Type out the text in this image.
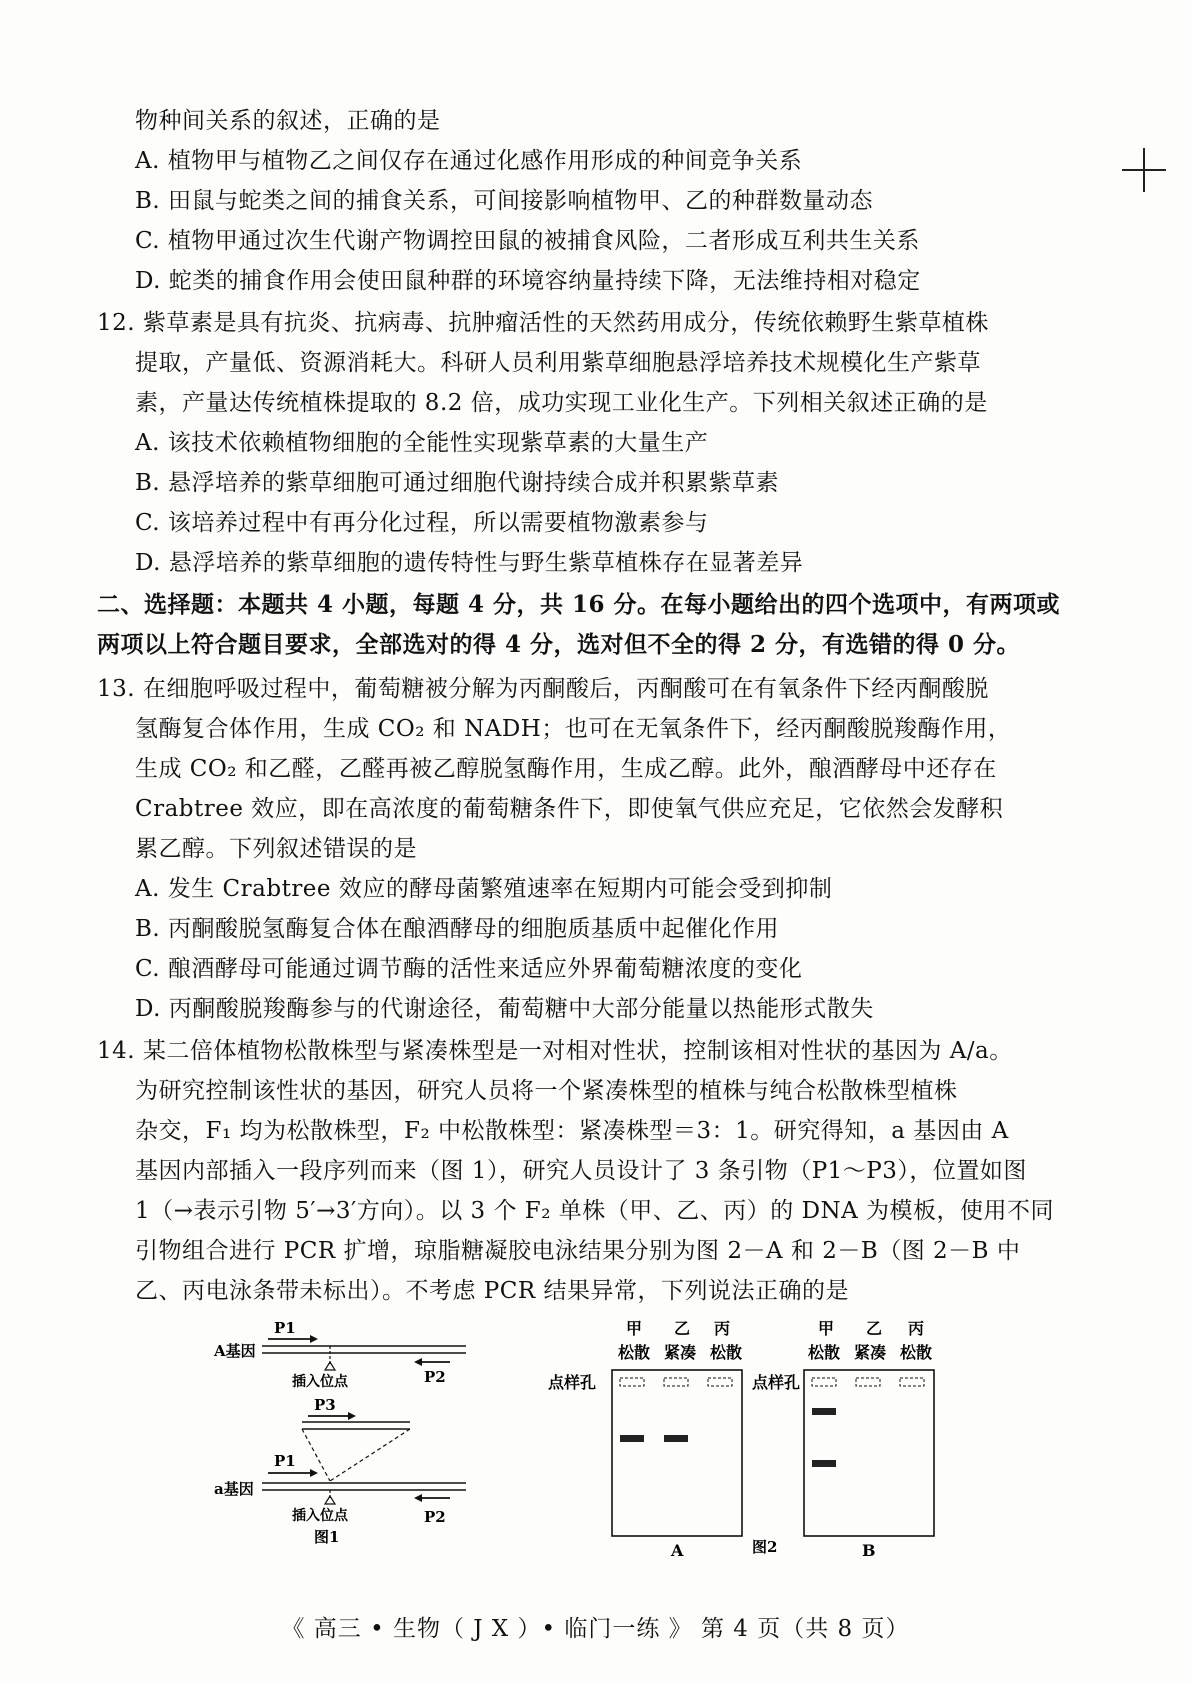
物种间关系的叙述，正确的是
A. 植物甲与植物乙之间仅存在通过化感作用形成的种间竞争关系
B. 田鼠与蛇类之间的捕食关系，可间接影响植物甲、乙的种群数量动态
C. 植物甲通过次生代谢产物调控田鼠的被捕食风险，二者形成互利共生关系
D. 蛇类的捕食作用会使田鼠种群的环境容纳量持续下降，无法维持相对稳定
12. 紫草素是具有抗炎、抗病毒、抗肿瘤活性的天然药用成分，传统依赖野生紫草植株
提取，产量低、资源消耗大。科研人员利用紫草细胞悬浮培养技术规模化生产紫草
素，产量达传统植株提取的 8.2 倍，成功实现工业化生产。下列相关叙述正确的是
A. 该技术依赖植物细胞的全能性实现紫草素的大量生产
B. 悬浮培养的紫草细胞可通过细胞代谢持续合成并积累紫草素
C. 该培养过程中有再分化过程，所以需要植物激素参与
D. 悬浮培养的紫草细胞的遗传特性与野生紫草植株存在显著差异
二、选择题：本题共 4 小题，每题 4 分，共 16 分。在每小题给出的四个选项中，有两项或
两项以上符合题目要求，全部选对的得 4 分，选对但不全的得 2 分，有选错的得 0 分。
13. 在细胞呼吸过程中，葡萄糖被分解为丙酮酸后，丙酮酸可在有氧条件下经丙酮酸脱
氢酶复合体作用，生成 CO₂ 和 NADH；也可在无氧条件下，经丙酮酸脱羧酶作用，
生成 CO₂ 和乙醛，乙醛再被乙醇脱氢酶作用，生成乙醇。此外，酿酒酵母中还存在
Crabtree 效应，即在高浓度的葡萄糖条件下，即使氧气供应充足，它依然会发酵积
累乙醇。下列叙述错误的是
A. 发生 Crabtree 效应的酵母菌繁殖速率在短期内可能会受到抑制
B. 丙酮酸脱氢酶复合体在酿酒酵母的细胞质基质中起催化作用
C. 酿酒酵母可能通过调节酶的活性来适应外界葡萄糖浓度的变化
D. 丙酮酸脱羧酶参与的代谢途径，葡萄糖中大部分能量以热能形式散失
14. 某二倍体植物松散株型与紧凑株型是一对相对性状，控制该相对性状的基因为 A/a。
为研究控制该性状的基因，研究人员将一个紧凑株型的植株与纯合松散株型植株
杂交，F₁ 均为松散株型，F₂ 中松散株型：紧凑株型＝3：1。研究得知，a 基因由 A
基因内部插入一段序列而来（图 1），研究人员设计了 3 条引物（P1～P3），位置如图
1（→表示引物 5′→3′方向）。以 3 个 F₂ 单株（甲、乙、丙）的 DNA 为模板，使用不同
引物组合进行 PCR 扩增，琼脂糖凝胶电泳结果分别为图 2－A 和 2－B（图 2－B 中
乙、丙电泳条带未标出）。不考虑 PCR 结果异常，下列说法正确的是
A基因
P1
插入位点	P2
P3
P1
a基因
插入位点	P2
图1
甲 乙 丙
松散 紧凑 松散
点样孔
A
甲 乙 丙
松散 紧凑 松散
点样孔
B
图2
《 高三 • 生物（ J X ）• 临门一练 》 第 4 页（共 8 页）
